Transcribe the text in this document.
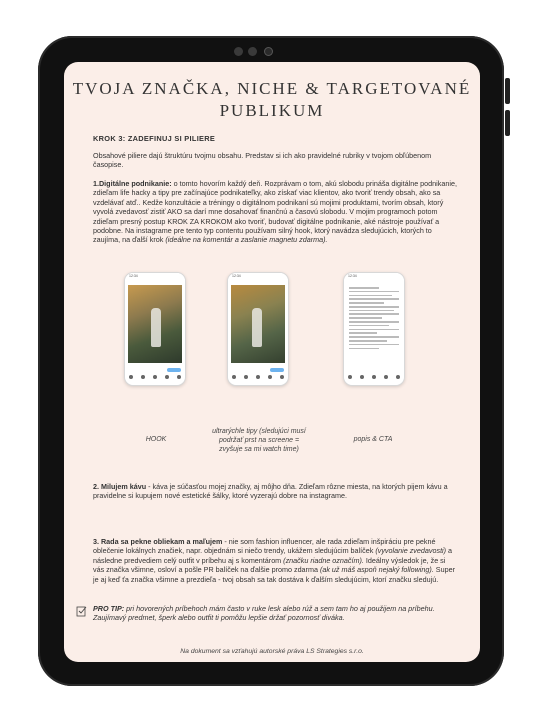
TVOJA ZNAČKA, NICHE & TARGETOVANÉ
PUBLIKUM
KROK 3: ZADEFINUJ SI PILIERE
Obsahové piliere dajú štruktúru tvojmu obsahu. Predstav si ich ako pravidelné rubriky v tvojom obľúbenom časopise.
1.Digitálne podnikanie: o tomto hovorím každý deň. Rozprávam o tom, akú slobodu prináša digitálne podnikanie, zdieľam life hacky a tipy pre začínajúce podnikateľky, ako získať viac klientov, ako tvoriť trendy obsah, ako sa vzdelávať atď.. Kedže konzultácie a tréningy o digitálnom podnikaní sú mojimi produktami, tvorím obsah, ktorý vyvolá zvedavosť zistiť AKO sa darí mne dosahovať finančnú a časovú slobodu. V mojim programoch potom zdieľam presný postup KROK ZA KROKOM ako tvoriť, budovať digitálne podnikanie, aké nástroje používať a podobne. Na instagrame pre tento typ contentu používam silný hook, ktorý navádza sledujúcich, ktorých to zaujíma, na ďalší krok (ideálne na komentár a zaslanie magnetu zdarma).
12:34	12:34	12:34
HOOK
ultrarýchle tipy (sledujúci musí podržať prst na screene = zvyšuje sa mi watch time)
popis & CTA
2. Milujem kávu - káva je súčasťou mojej značky, aj môjho dňa. Zdieľam rôzne miesta, na ktorých pijem kávu a pravidelne si kupujem nové estetické šálky, ktoré vyzerajú dobre na instagrame.
3. Rada sa pekne obliekam a maľujem - nie som fashion influencer, ale rada zdieľam inšpiráciu pre pekné oblečenie lokálnych značiek, napr. objednám si niečo trendy, ukážem sledujúcim balíček (vyvolanie zvedavosti) a následne predvediem celý outfit v príbehu aj s komentárom (značku riadne označím). Ideálny výsledok je, že si vás značka všimne, osloví a pošle PR balíček na ďalšie promo zdarma (ak už máš aspoň nejaký following). Super je aj keď ťa značka všimne a prezdieľa - tvoj obsah sa tak dostáva k ďalším sledujúcim, ktorí značku sledujú.
PRO TIP: pri hovorených príbehoch mám často v ruke lesk alebo rúž a sem tam ho aj použijem na príbehu. Zaujímavý predmet, šperk alebo outfit ti pomôžu lepšie držať pozornosť diváka.
Na dokument sa vzťahujú autorské práva LS Strategies s.r.o.
